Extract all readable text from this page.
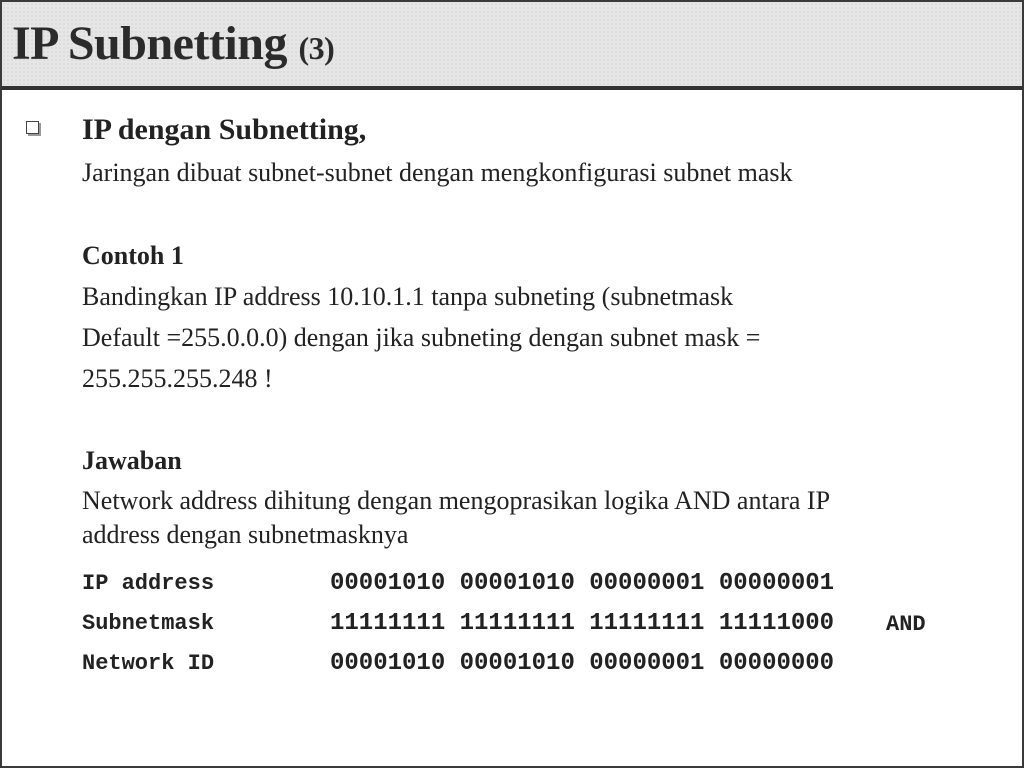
IP Subnetting (3)

IP dengan Subnetting,

Jaringan dibuat subnet-subnet dengan mengkonfigurasi subnet mask

Contoh 1

Bandingkan IP address 10.10.1.1 tanpa subneting (subnetmask

Default =255.0.0.0) dengan jika subneting dengan subnet mask =

255.255.255.248 !

Jawaban

Network address dihitung dengan mengoprasikan logika AND antara IP

address dengan subnetmasknya

IP address	00001010 00001010 00000001 00000001
Subnetmask	11111111 11111111 11111111 11111000 AND
Network ID	00001010 00001010 00000001 00000000
